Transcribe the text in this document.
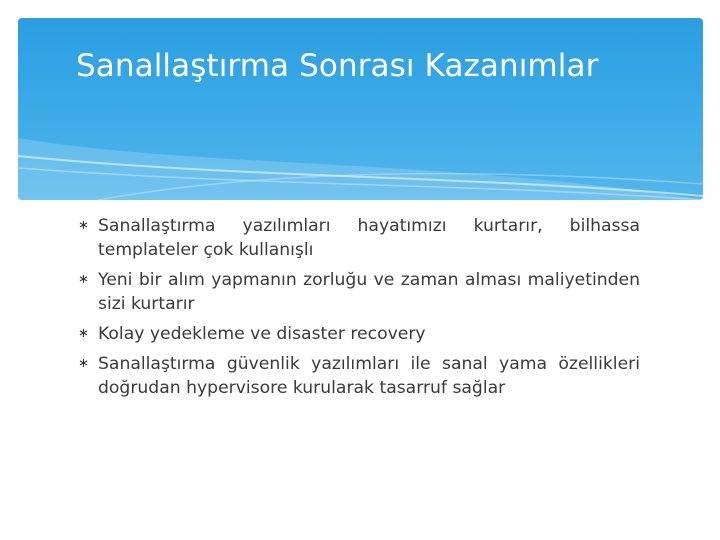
Sanallaştırma Sonrası Kazanımlar
∗ Sanallaştırma yazılımları hayatımızı kurtarır, bilhassa templateler çok kullanışlı
∗ Yeni bir alım yapmanın zorluğu ve zaman alması maliyetinden sizi kurtarır
∗ Kolay yedekleme ve disaster recovery
∗ Sanallaştırma güvenlik yazılımları ile sanal yama özellikleri doğrudan hypervisore kurularak tasarruf sağlar
